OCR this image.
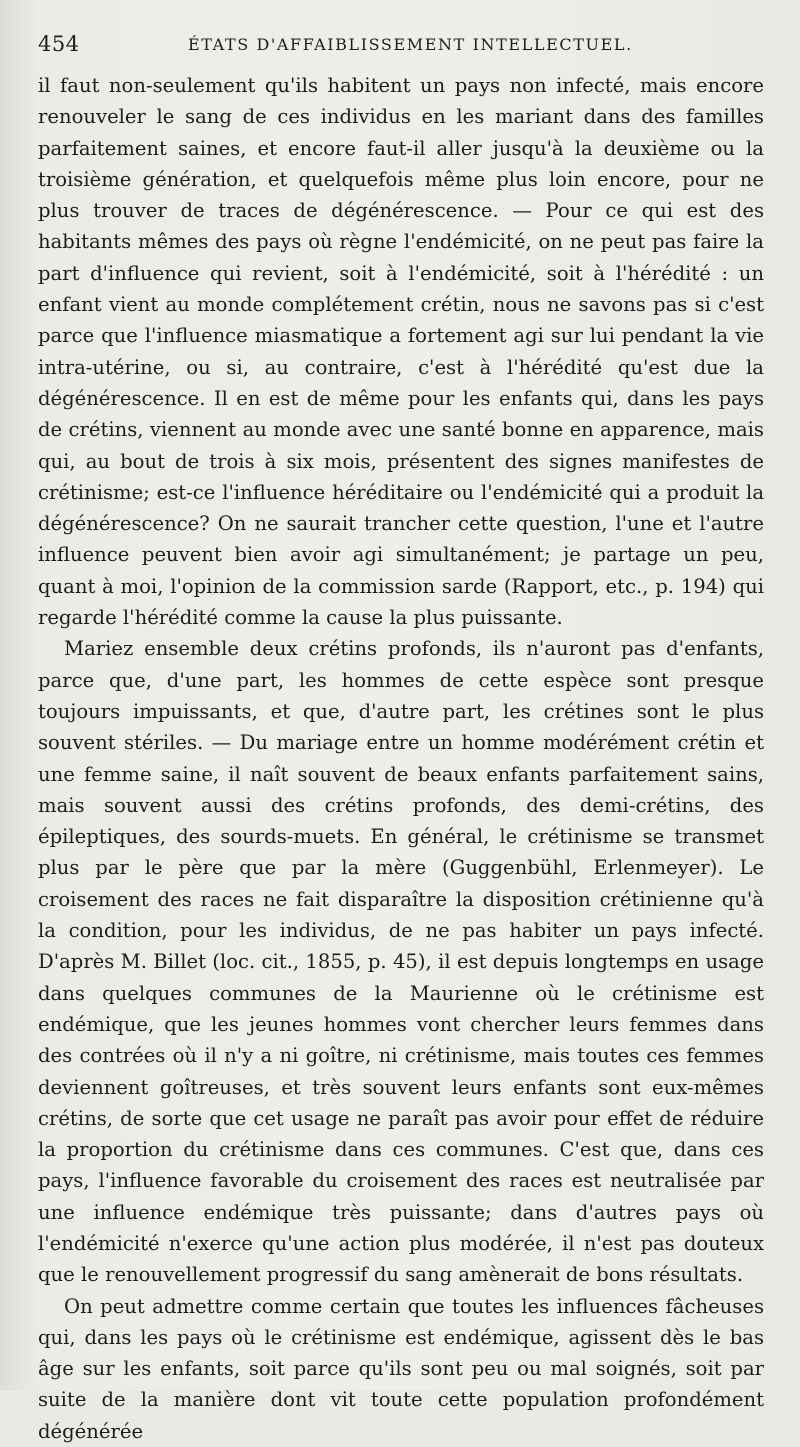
454	ÉTATS D'AFFAIBLISSEMENT INTELLECTUEL.

il faut non-seulement qu'ils habitent un pays non infecté, mais encore renouveler le sang de ces individus en les mariant dans des familles parfaitement saines, et encore faut-il aller jusqu'à la deuxième ou la troisième génération, et quelquefois même plus loin encore, pour ne plus trouver de traces de dégénérescence. — Pour ce qui est des habitants mêmes des pays où règne l'endémicité, on ne peut pas faire la part d'influence qui revient, soit à l'endémicité, soit à l'hérédité : un enfant vient au monde complétement crétin, nous ne savons pas si c'est parce que l'influence miasmatique a fortement agi sur lui pendant la vie intra-utérine, ou si, au contraire, c'est à l'hérédité qu'est due la dégénérescence. Il en est de même pour les enfants qui, dans les pays de crétins, viennent au monde avec une santé bonne en apparence, mais qui, au bout de trois à six mois, présentent des signes manifestes de crétinisme; est-ce l'influence héréditaire ou l'endémicité qui a produit la dégénérescence? On ne saurait trancher cette question, l'une et l'autre influence peuvent bien avoir agi simultanément; je partage un peu, quant à moi, l'opinion de la commission sarde (Rapport, etc., p. 194) qui regarde l'hérédité comme la cause la plus puissante.

Mariez ensemble deux crétins profonds, ils n'auront pas d'enfants, parce que, d'une part, les hommes de cette espèce sont presque toujours impuissants, et que, d'autre part, les crétines sont le plus souvent stériles. — Du mariage entre un homme modérément crétin et une femme saine, il naît souvent de beaux enfants parfaitement sains, mais souvent aussi des crétins profonds, des demi-crétins, des épileptiques, des sourds-muets. En général, le crétinisme se transmet plus par le père que par la mère (Guggenbühl, Erlenmeyer). Le croisement des races ne fait disparaître la disposition crétinienne qu'à la condition, pour les individus, de ne pas habiter un pays infecté. D'après M. Billet (loc. cit., 1855, p. 45), il est depuis longtemps en usage dans quelques communes de la Maurienne où le crétinisme est endémique, que les jeunes hommes vont chercher leurs femmes dans des contrées où il n'y a ni goître, ni crétinisme, mais toutes ces femmes deviennent goîtreuses, et très souvent leurs enfants sont eux-mêmes crétins, de sorte que cet usage ne paraît pas avoir pour effet de réduire la proportion du crétinisme dans ces communes. C'est que, dans ces pays, l'influence favorable du croisement des races est neutralisée par une influence endémique très puissante; dans d'autres pays où l'endémicité n'exerce qu'une action plus modérée, il n'est pas douteux que le renouvellement progressif du sang amènerait de bons résultats.

On peut admettre comme certain que toutes les influences fâcheuses qui, dans les pays où le crétinisme est endémique, agissent dès le bas âge sur les enfants, soit parce qu'ils sont peu ou mal soignés, soit par suite de la manière dont vit toute cette population profondément dégénérée
